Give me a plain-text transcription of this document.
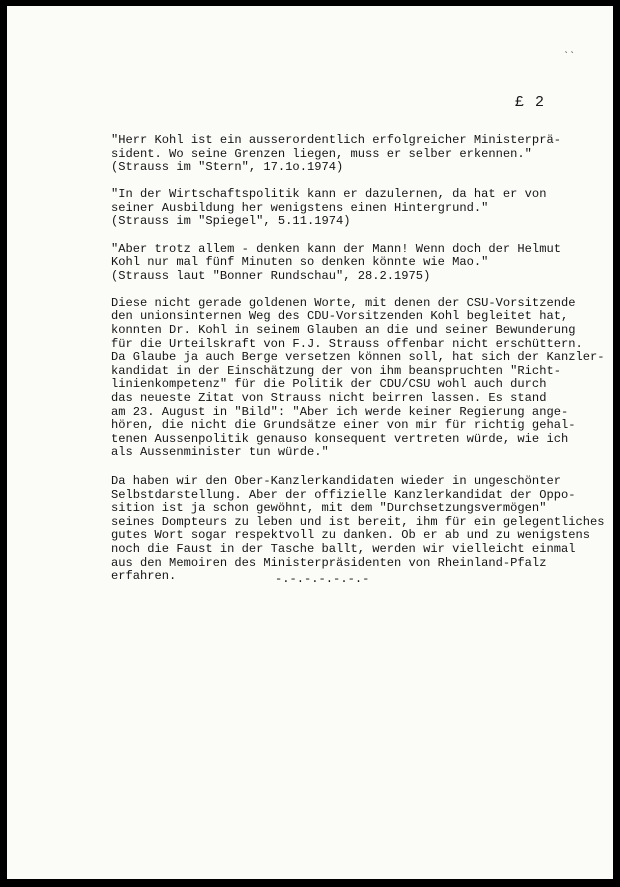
ˎˎ
£ 2
"Herr Kohl ist ein ausserordentlich erfolgreicher Ministerprä-
sident. Wo seine Grenzen liegen, muss er selber erkennen."
(Strauss im "Stern", 17.1o.1974)
"In der Wirtschaftspolitik kann er dazulernen, da hat er von
seiner Ausbildung her wenigstens einen Hintergrund."
(Strauss im "Spiegel", 5.11.1974)
"Aber trotz allem - denken kann der Mann! Wenn doch der Helmut
Kohl nur mal fünf Minuten so denken könnte wie Mao."
(Strauss laut "Bonner Rundschau", 28.2.1975)
Diese nicht gerade goldenen Worte, mit denen der CSU-Vorsitzende
den unionsinternen Weg des CDU-Vorsitzenden Kohl begleitet hat,
konnten Dr. Kohl in seinem Glauben an die und seiner Bewunderung
für die Urteilskraft von F.J. Strauss offenbar nicht erschüttern.
Da Glaube ja auch Berge versetzen können soll, hat sich der Kanzler-
kandidat in der Einschätzung der von ihm beanspruchten "Richt-
linienkompetenz" für die Politik der CDU/CSU wohl auch durch
das neueste Zitat von Strauss nicht beirren lassen. Es stand
am 23. August in "Bild": "Aber ich werde keiner Regierung ange-
hören, die nicht die Grundsätze einer von mir für richtig gehal-
tenen Aussenpolitik genauso konsequent vertreten würde, wie ich
als Aussenminister tun würde."
Da haben wir den Ober-Kanzlerkandidaten wieder in ungeschönter
Selbstdarstellung. Aber der offizielle Kanzlerkandidat der Oppo-
sition ist ja schon gewöhnt, mit dem "Durchsetzungsvermögen"
seines Dompteurs zu leben und ist bereit, ihm für ein gelegentliches
gutes Wort sogar respektvoll zu danken. Ob er ab und zu wenigstens
noch die Faust in der Tasche ballt, werden wir vielleicht einmal
aus den Memoiren des Ministerpräsidenten von Rheinland-Pfalz
erfahren.	-.-.-.-.-.-.-
